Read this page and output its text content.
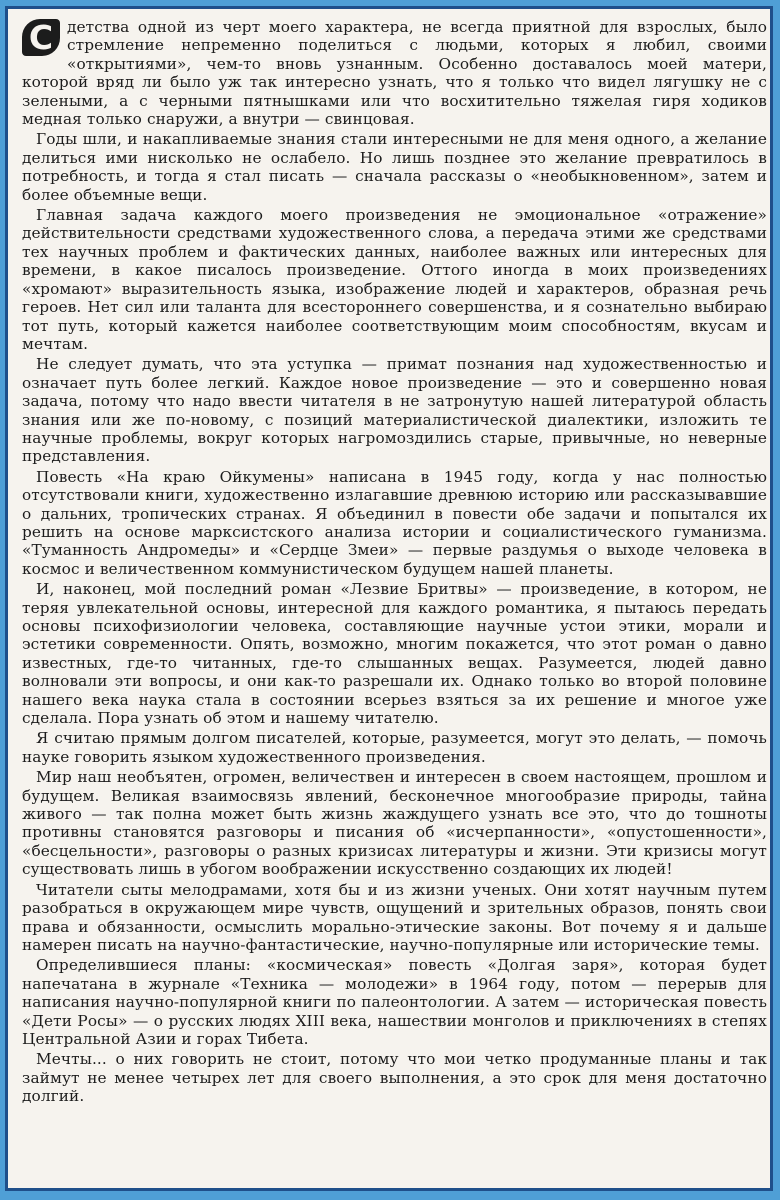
С детства одной из черт моего характера, не всегда приятной для взрослых, было стремление непременно поделиться с людьми, которых я любил, своими «открытиями», чем-то вновь узнанным. Особенно доставалось моей матери, которой вряд ли было уж так интересно узнать, что я только что видел лягушку не с зелеными, а с черными пятнышками или что восхитительно тяжелая гиря ходиков медная только снаружи, а внутри — свинцовая.

Годы шли, и накапливаемые знания стали интересными не для меня одного, а желание делиться ими нисколько не ослабело. Но лишь позднее это желание превратилось в потребность, и тогда я стал писать — сначала рассказы о «необыкновенном», затем и более объемные вещи.

Главная задача каждого моего произведения не эмоциональное «отражение» действительности средствами художественного слова, а передача этими же средствами тех научных проблем и фактических данных, наиболее важных или интересных для времени, в какое писалось произведение. Оттого иногда в моих произведениях «хромают» выразительность языка, изображение людей и характеров, образная речь героев. Нет сил или таланта для всестороннего совершенства, и я сознательно выбираю тот путь, который кажется наиболее соответствующим моим способностям, вкусам и мечтам.

Не следует думать, что эта уступка — примат познания над художественностью и означает путь более легкий. Каждое новое произведение — это и совершенно новая задача, потому что надо ввести читателя в не затронутую нашей литературой область знания или же по-новому, с позиций материалистической диалектики, изложить те научные проблемы, вокруг которых нагромоздились старые, привычные, но неверные представления.

Повесть «На краю Ойкумены» написана в 1945 году, когда у нас полностью отсутствовали книги, художественно излагавшие древнюю историю или рассказывавшие о дальних, тропических странах. Я объединил в повести обе задачи и попытался их решить на основе марксистского анализа истории и социалистического гуманизма. «Туманность Андромеды» и «Сердце Змеи» — первые раздумья о выходе человека в космос и величественном коммунистическом будущем нашей планеты.

И, наконец, мой последний роман «Лезвие Бритвы» — произведение, в котором, не теряя увлекательной основы, интересной для каждого романтика, я пытаюсь передать основы психофизиологии человека, составляющие научные устои этики, морали и эстетики современности. Опять, возможно, многим покажется, что этот роман о давно известных, где-то читанных, где-то слышанных вещах. Разумеется, людей давно волновали эти вопросы, и они как-то разрешали их. Однако только во второй половине нашего века наука стала в состоянии всерьез взяться за их решение и многое уже сделала. Пора узнать об этом и нашему читателю.

Я считаю прямым долгом писателей, которые, разумеется, могут это делать, — помочь науке говорить языком художественного произведения.

Мир наш необъятен, огромен, величествен и интересен в своем настоящем, прошлом и будущем. Великая взаимосвязь явлений, бесконечное многообразие природы, тайна живого — так полна может быть жизнь жаждущего узнать все это, что до тошноты противны становятся разговоры и писания об «исчерпанности», «опустошенности», «бесцельности», разговоры о разных кризисах литературы и жизни. Эти кризисы могут существовать лишь в убогом воображении искусственно создающих их людей!

Читатели сыты мелодрамами, хотя бы и из жизни ученых. Они хотят научным путем разобраться в окружающем мире чувств, ощущений и зрительных образов, понять свои права и обязанности, осмыслить морально-этические законы. Вот почему я и дальше намерен писать на научно-фантастические, научно-популярные или исторические темы.

Определившиеся планы: «космическая» повесть «Долгая заря», которая будет напечатана в журнале «Техника — молодежи» в 1964 году, потом — перерыв для написания научно-популярной книги по палеонтологии. А затем — историческая повесть «Дети Росы» — о русских людях XIII века, нашествии монголов и приключениях в степях Центральной Азии и горах Тибета.

Мечты... о них говорить не стоит, потому что мои четко продуманные планы и так займут не менее четырех лет для своего выполнения, а это срок для меня достаточно долгий.
